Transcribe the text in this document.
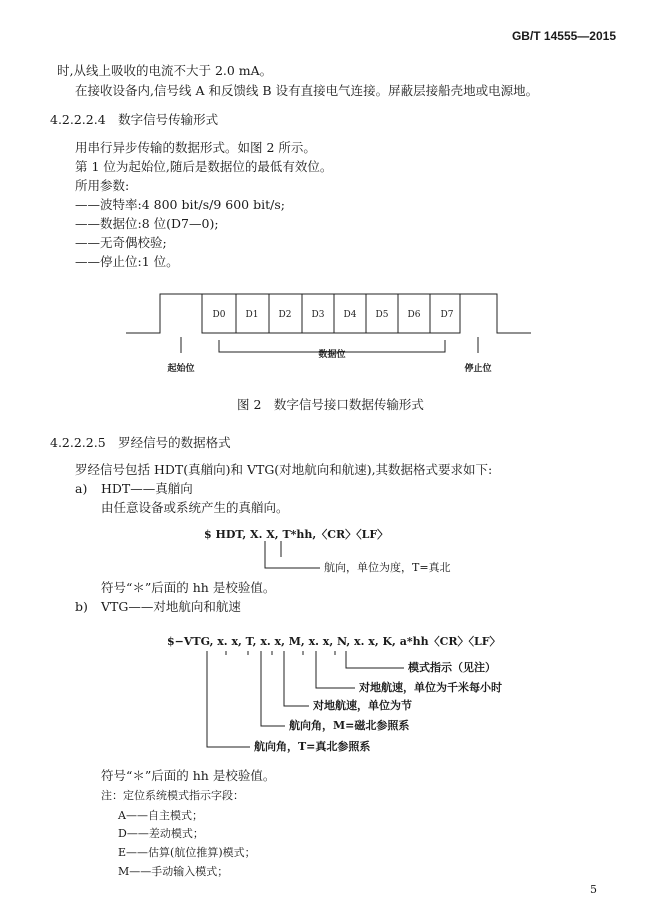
GB/T 14555—2015
时,从线上吸收的电流不大于 2.0 mA。
在接收设备内,信号线 A 和反馈线 B 设有直接电气连接。屏蔽层接船壳地或电源地。
4.2.2.2.4　数字信号传输形式
用串行异步传输的数据形式。如图 2 所示。
第 1 位为起始位,随后是数据位的最低有效位。
所用参数:
——波特率:4 800 bit/s/9 600 bit/s;
——数据位:8 位(D7—0);
——无奇偶校验;
——停止位:1 位。
D0 D1 D2 D3 D4 D5 D6 D7
数据位
起始位	停止位
图 2　数字信号接口数据传输形式
4.2.2.2.5　罗经信号的数据格式
罗经信号包括 HDT(真艏向)和 VTG(对地航向和航速),其数据格式要求如下:
a) HDT——真艏向
由任意设备或系统产生的真艏向。
$ HDT, X. X, T*hh,〈CR〉〈LF〉
航向，单位为度，T=真北
符号“＊”后面的 hh 是校验值。
b) VTG——对地航向和航速
$−VTG, x. x, T, x. x, M, x. x, N, x. x, K, a*hh〈CR〉〈LF〉
模式指示（见注）
对地航速，单位为千米每小时
对地航速，单位为节
航向角，M=磁北参照系
航向角，T=真北参照系
符号“＊”后面的 hh 是校验值。
注：定位系统模式指示字段：
A——自主模式；
D——差动模式；
E——估算(航位推算)模式；
M——手动输入模式；
5
